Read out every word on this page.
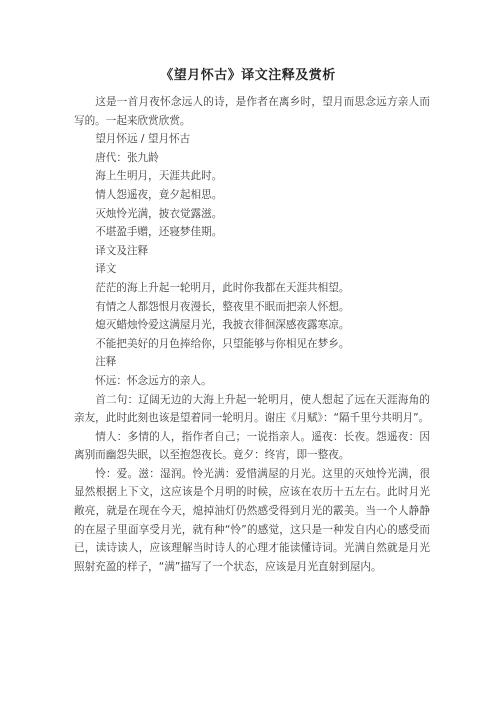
《望月怀古》译文注释及赏析

这是一首月夜怀念远人的诗，是作者在离乡时，望月而思念远方亲人而写的。一起来欣赏欣赏。

望月怀远 / 望月怀古

唐代：张九龄

海上生明月，天涯共此时。

情人怨遥夜，竟夕起相思。

灭烛怜光满，披衣觉露滋。

不堪盈手赠，还寝梦佳期。

译文及注释

译文

茫茫的海上升起一轮明月，此时你我都在天涯共相望。

有情之人都怨恨月夜漫长，整夜里不眠而把亲人怀想。

熄灭蜡烛怜爱这满屋月光，我披衣徘徊深感夜露寒凉。

不能把美好的月色捧给你，只望能够与你相见在梦乡。

注释

怀远：怀念远方的亲人。

首二句：辽阔无边的大海上升起一轮明月，使人想起了远在天涯海角的亲友，此时此刻也该是望着同一轮明月。谢庄《月赋》：“隔千里兮共明月”。

情人：多情的人，指作者自己；一说指亲人。遥夜：长夜。怨遥夜：因离别而幽怨失眠，以至抱怨夜长。竟夕：终宵，即一整夜。

怜：爱。滋：湿润。怜光满：爱惜满屋的月光。这里的灭烛怜光满，很显然根据上下文，这应该是个月明的时候，应该在农历十五左右。此时月光敞亮，就是在现在今天，熄掉油灯仍然感受得到月光的霰美。当一个人静静的在屋子里面享受月光，就有种“怜”的感觉，这只是一种发自内心的感受而已，读诗读人，应该理解当时诗人的心理才能读懂诗词。光满自然就是月光照射充盈的样子，“满”描写了一个状态，应该是月光直射到屋内。
